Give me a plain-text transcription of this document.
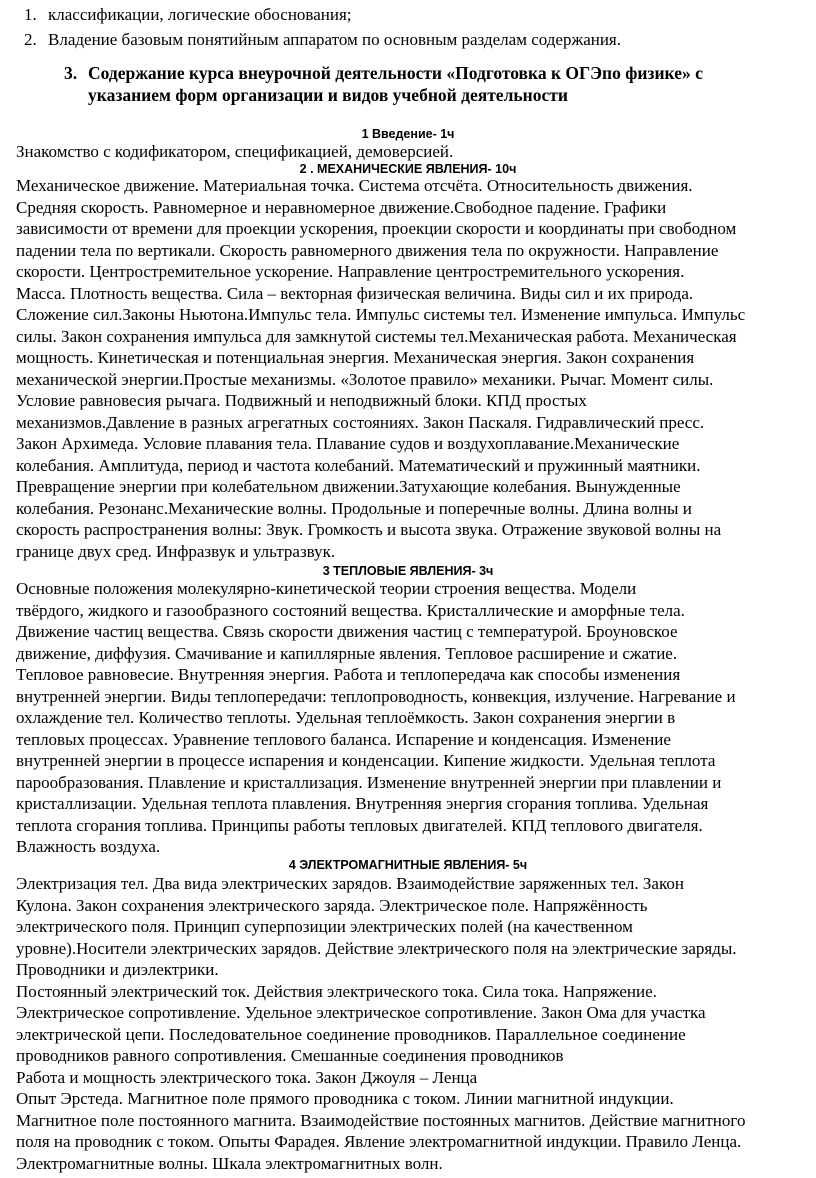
1. классификации, логические обоснования;
2. Владение базовым понятийным аппаратом по основным разделам содержания.
3. Содержание курса внеурочной деятельности «Подготовка к ОГЭпо физике» с
указанием форм организации и видов учебной деятельности
1 Введение- 1ч
Знакомство с кодификатором, спецификацией, демоверсией.
2 . МЕХАНИЧЕСКИЕ ЯВЛЕНИЯ- 10ч
Механическое движение. Материальная точка. Система отсчёта. Относительность движения.
Средняя скорость. Равномерное и неравномерное движение.Свободное падение. Графики
зависимости от времени для проекции ускорения, проекции скорости и координаты при свободном
падении тела по вертикали. Скорость равномерного движения тела по окружности. Направление
скорости. Центростремительное ускорение. Направление центростремительного ускорения.
Масса. Плотность вещества. Сила – векторная физическая величина. Виды сил и их природа.
Сложение сил.Законы Ньютона.Импульс тела. Импульс системы тел. Изменение импульса. Импульс
силы. Закон сохранения импульса для замкнутой системы тел.Механическая работа. Механическая
мощность. Кинетическая и потенциальная энергия. Механическая энергия. Закон сохранения
механической энергии.Простые механизмы. «Золотое правило» механики. Рычаг. Момент силы.
Условие равновесия рычага. Подвижный и неподвижный блоки. КПД простых
механизмов.Давление в разных агрегатных состояниях. Закон Паскаля. Гидравлический пресс.
Закон Архимеда. Условие плавания тела. Плавание судов и воздухоплавание.Механические
колебания. Амплитуда, период и частота колебаний. Математический и пружинный маятники.
Превращение энергии при колебательном движении.Затухающие колебания. Вынужденные
колебания. Резонанс.Механические волны. Продольные и поперечные волны. Длина волны и
скорость распространения волны: Звук. Громкость и высота звука. Отражение звуковой волны на
границе двух сред. Инфразвук и ультразвук.
3 ТЕПЛОВЫЕ ЯВЛЕНИЯ- 3ч
Основные положения молекулярно-кинетической теории строения вещества. Модели
твёрдого, жидкого и газообразного состояний вещества. Кристаллические и аморфные тела.
Движение частиц вещества. Связь скорости движения частиц с температурой. Броуновское
движение, диффузия. Смачивание и капиллярные явления. Тепловое расширение и сжатие.
Тепловое равновесие. Внутренняя энергия. Работа и теплопередача как способы изменения
внутренней энергии. Виды теплопередачи: теплопроводность, конвекция, излучение. Нагревание и
охлаждение тел. Количество теплоты. Удельная теплоёмкость. Закон сохранения энергии в
тепловых процессах. Уравнение теплового баланса. Испарение и конденсация. Изменение
внутренней энергии в процессе испарения и конденсации. Кипение жидкости. Удельная теплота
парообразования. Плавление и кристаллизация. Изменение внутренней энергии при плавлении и
кристаллизации. Удельная теплота плавления. Внутренняя энергия сгорания топлива. Удельная
теплота сгорания топлива. Принципы работы тепловых двигателей. КПД теплового двигателя.
Влажность воздуха.
4 ЭЛЕКТРОМАГНИТНЫЕ ЯВЛЕНИЯ- 5ч
Электризация тел. Два вида электрических зарядов. Взаимодействие заряженных тел. Закон
Кулона. Закон сохранения электрического заряда. Электрическое поле. Напряжённость
электрического поля. Принцип суперпозиции электрических полей (на качественном
уровне).Носители электрических зарядов. Действие электрического поля на электрические заряды.
Проводники и диэлектрики.
Постоянный электрический ток. Действия электрического тока. Сила тока. Напряжение.
Электрическое сопротивление. Удельное электрическое сопротивление. Закон Ома для участка
электрической цепи. Последовательное соединение проводников. Параллельное соединение
проводников равного сопротивления. Смешанные соединения проводников
Работа и мощность электрического тока. Закон Джоуля – Ленца
Опыт Эрстеда. Магнитное поле прямого проводника с током. Линии магнитной индукции.
Магнитное поле постоянного магнита. Взаимодействие постоянных магнитов. Действие магнитного
поля на проводник с током. Опыты Фарадея. Явление электромагнитной индукции. Правило Ленца.
Электромагнитные волны. Шкала электромагнитных волн.
